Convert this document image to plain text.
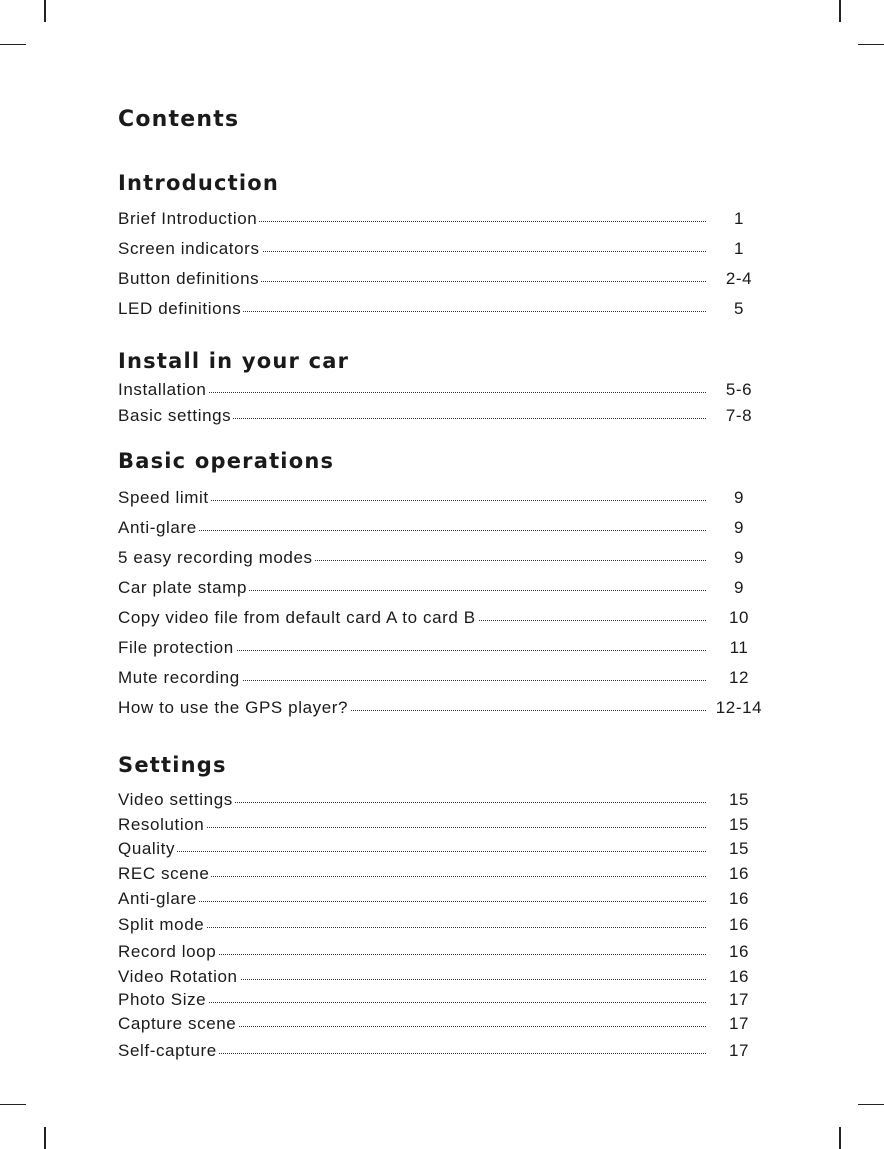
Contents
Introduction
Brief Introduction	1
Screen indicators	1
Button definitions	2-4
LED definitions	5
Install in your car
Installation	5-6
Basic settings	7-8
Basic operations
Speed limit	9
Anti-glare	9
5 easy recording modes	9
Car plate stamp	9
Copy video file from default card A to card B	10
File protection	11
Mute recording	12
How to use the GPS player?	12-14
Settings
Video settings	15
Resolution	15
Quality	15
REC scene	16
Anti-glare	16
Split mode	16
Record loop	16
Video Rotation	16
Photo Size	17
Capture scene	17
Self-capture	17
